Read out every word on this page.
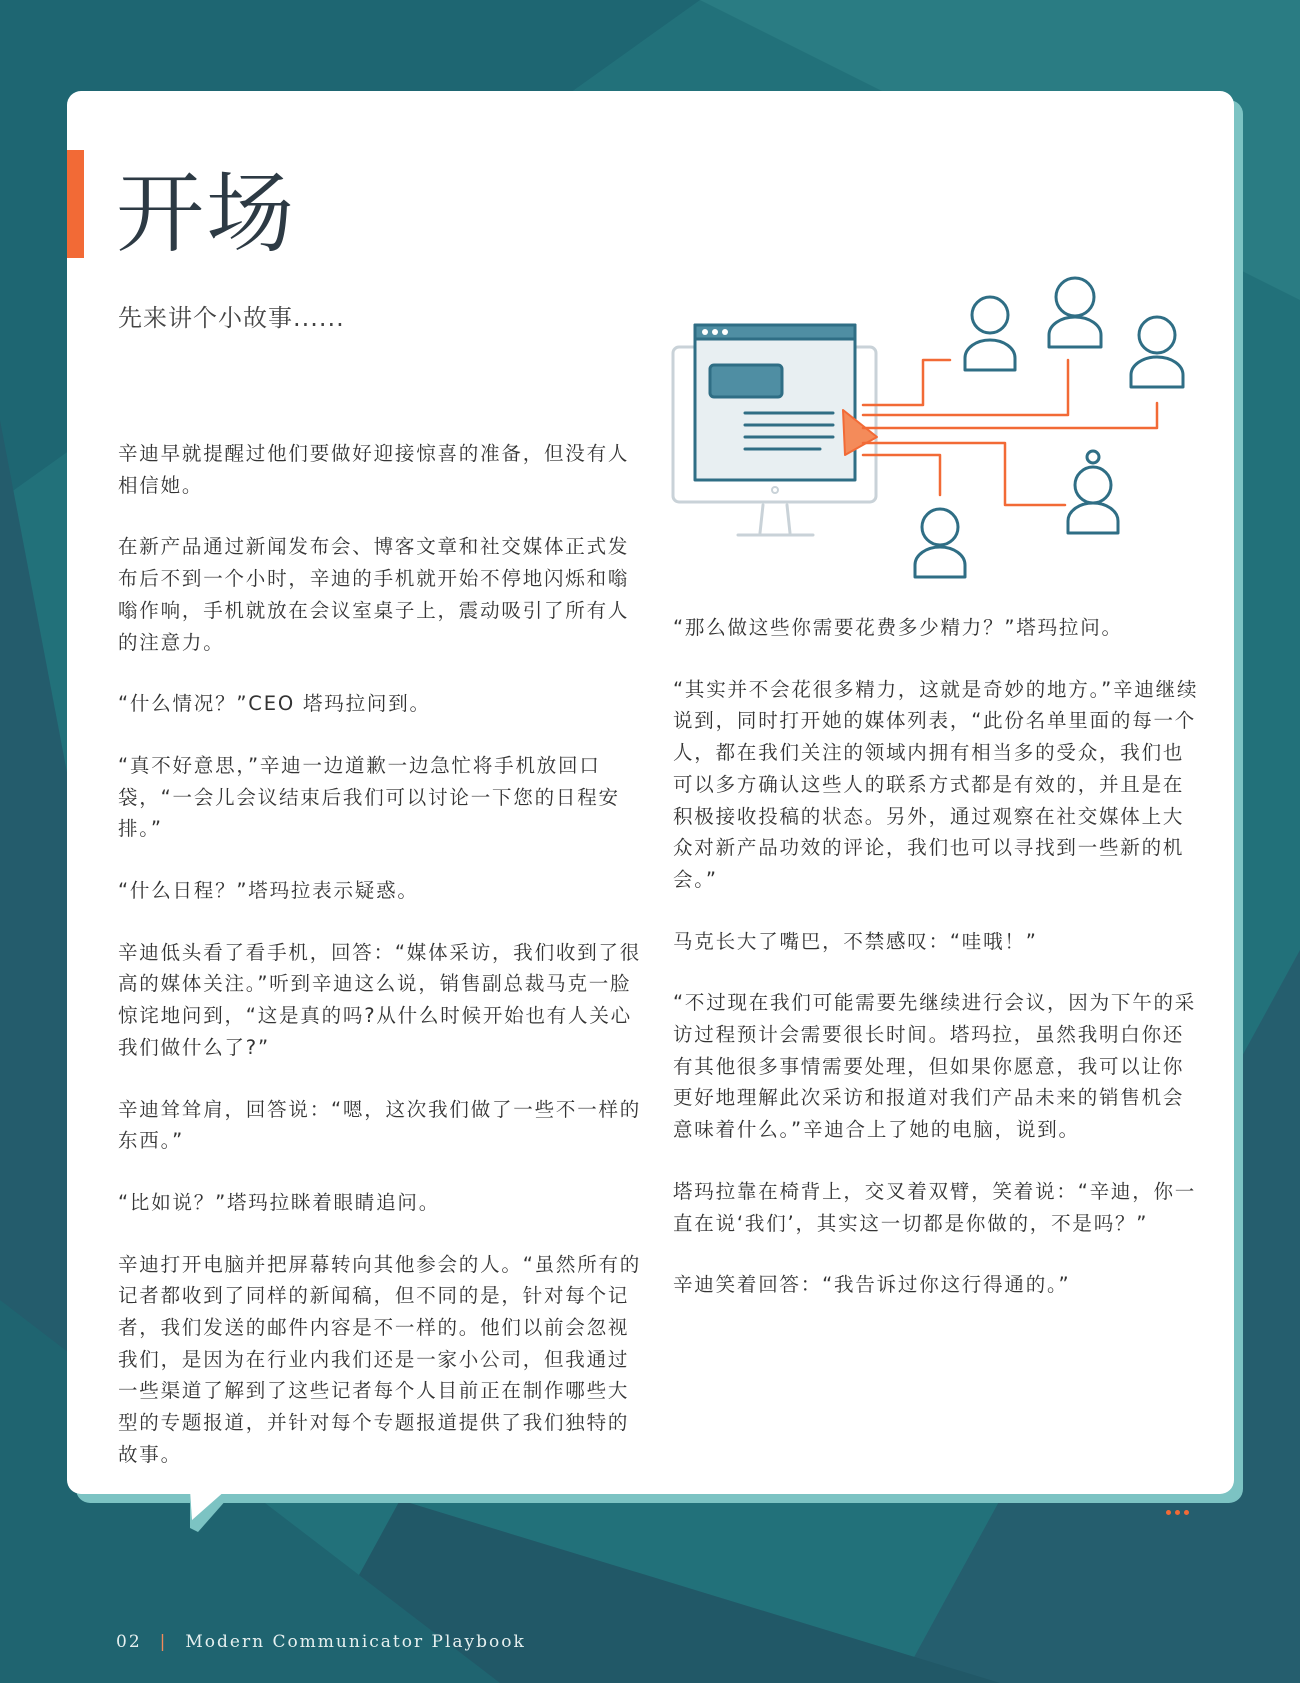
开场
先来讲个小故事......

辛迪早就提醒过他们要做好迎接惊喜的准备，但没有人相信她。

在新产品通过新闻发布会、博客文章和社交媒体正式发布后不到一个小时，辛迪的手机就开始不停地闪烁和嗡嗡作响，手机就放在会议室桌子上，震动吸引了所有人的注意力。

“什么情况？”CEO 塔玛拉问到。

“真不好意思，”辛迪一边道歉一边急忙将手机放回口袋，“一会儿会议结束后我们可以讨论一下您的日程安排。”

“什么日程？”塔玛拉表示疑惑。

辛迪低头看了看手机，回答：“媒体采访，我们收到了很高的媒体关注。”听到辛迪这么说，销售副总裁马克一脸惊诧地问到，“这是真的吗?从什么时候开始也有人关心我们做什么了?”

辛迪耸耸肩，回答说：“嗯，这次我们做了一些不一样的东西。”

“比如说？”塔玛拉眯着眼睛追问。

辛迪打开电脑并把屏幕转向其他参会的人。“虽然所有的记者都收到了同样的新闻稿，但不同的是，针对每个记者，我们发送的邮件内容是不一样的。他们以前会忽视我们，是因为在行业内我们还是一家小公司，但我通过一些渠道了解到了这些记者每个人目前正在制作哪些大型的专题报道，并针对每个专题报道提供了我们独特的故事。

“那么做这些你需要花费多少精力？”塔玛拉问。

“其实并不会花很多精力，这就是奇妙的地方。”辛迪继续说到，同时打开她的媒体列表，“此份名单里面的每一个人，都在我们关注的领域内拥有相当多的受众，我们也可以多方确认这些人的联系方式都是有效的，并且是在积极接收投稿的状态。另外，通过观察在社交媒体上大众对新产品功效的评论，我们也可以寻找到一些新的机会。”

马克长大了嘴巴，不禁感叹：“哇哦！”

“不过现在我们可能需要先继续进行会议，因为下午的采访过程预计会需要很长时间。塔玛拉，虽然我明白你还有其他很多事情需要处理，但如果你愿意，我可以让你更好地理解此次采访和报道对我们产品未来的销售机会意味着什么。”辛迪合上了她的电脑，说到。

塔玛拉靠在椅背上，交叉着双臂，笑着说：“辛迪，你一直在说‘我们’，其实这一切都是你做的，不是吗？”

辛迪笑着回答：“我告诉过你这行得通的。”

02 | Modern Communicator Playbook
